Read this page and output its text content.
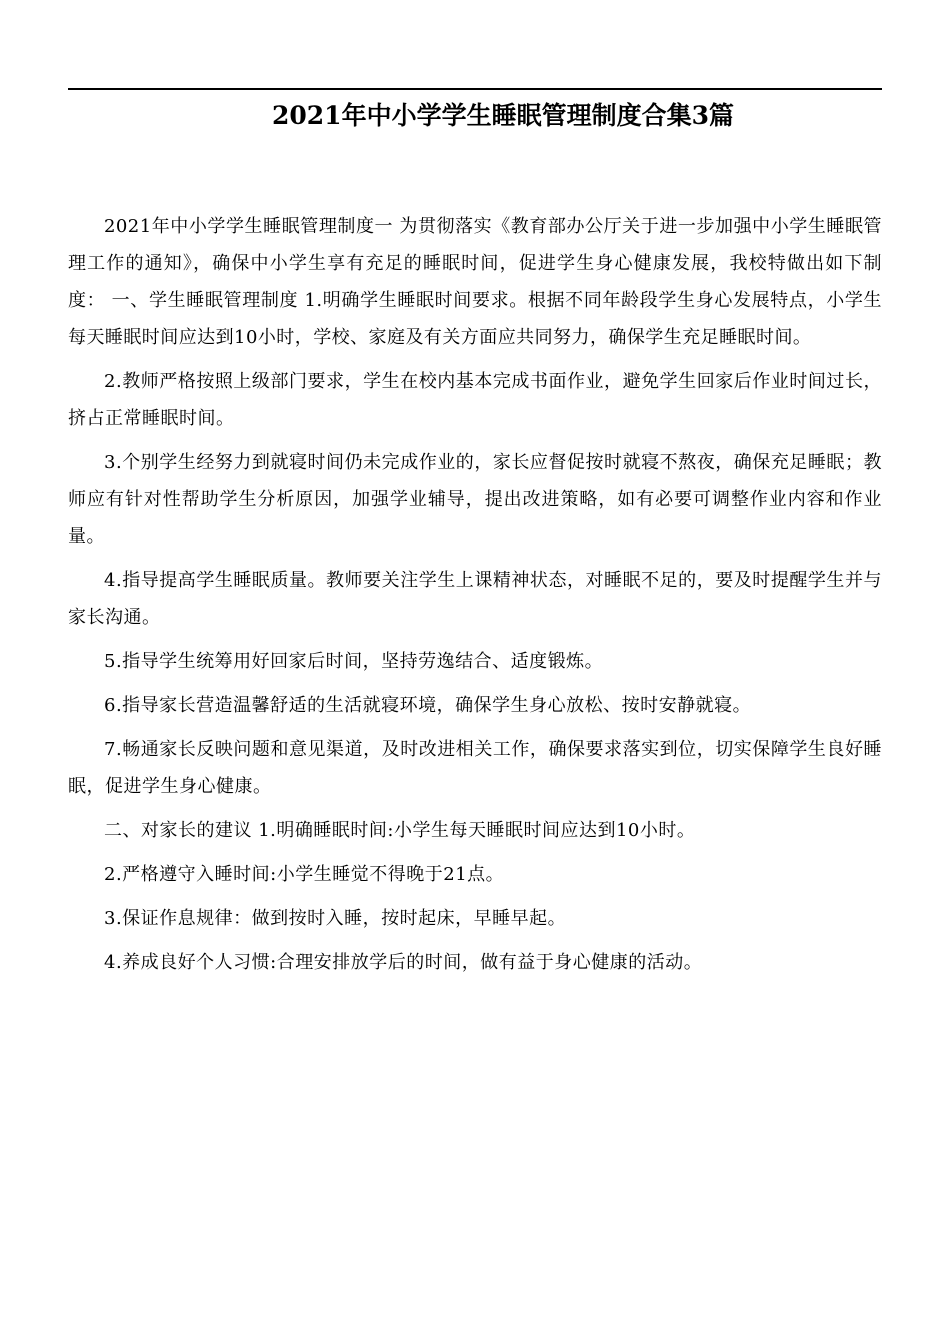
2021年中小学学生睡眠管理制度合集3篇

2021年中小学学生睡眠管理制度一 为贯彻落实《教育部办公厅关于进一步加强中小学生睡眠管理工作的通知》，确保中小学生享有充足的睡眠时间，促进学生身心健康发展，我校特做出如下制度： 一、学生睡眠管理制度 1.明确学生睡眠时间要求。根据不同年龄段学生身心发展特点，小学生每天睡眠时间应达到10小时，学校、家庭及有关方面应共同努力，确保学生充足睡眠时间。

2.教师严格按照上级部门要求，学生在校内基本完成书面作业，避免学生回家后作业时间过长，挤占正常睡眠时间。

3.个别学生经努力到就寝时间仍未完成作业的，家长应督促按时就寝不熬夜，确保充足睡眠；教师应有针对性帮助学生分析原因，加强学业辅导，提出改进策略，如有必要可调整作业内容和作业量。

4.指导提高学生睡眠质量。教师要关注学生上课精神状态，对睡眠不足的，要及时提醒学生并与家长沟通。

5.指导学生统筹用好回家后时间，坚持劳逸结合、适度锻炼。

6.指导家长营造温馨舒适的生活就寝环境，确保学生身心放松、按时安静就寝。

7.畅通家长反映问题和意见渠道，及时改进相关工作，确保要求落实到位，切实保障学生良好睡眠，促进学生身心健康。

二、对家长的建议 1.明确睡眠时间:小学生每天睡眠时间应达到10小时。

2.严格遵守入睡时间:小学生睡觉不得晚于21点。

3.保证作息规律：做到按时入睡，按时起床，早睡早起。

4.养成良好个人习惯:合理安排放学后的时间，做有益于身心健康的活动。
